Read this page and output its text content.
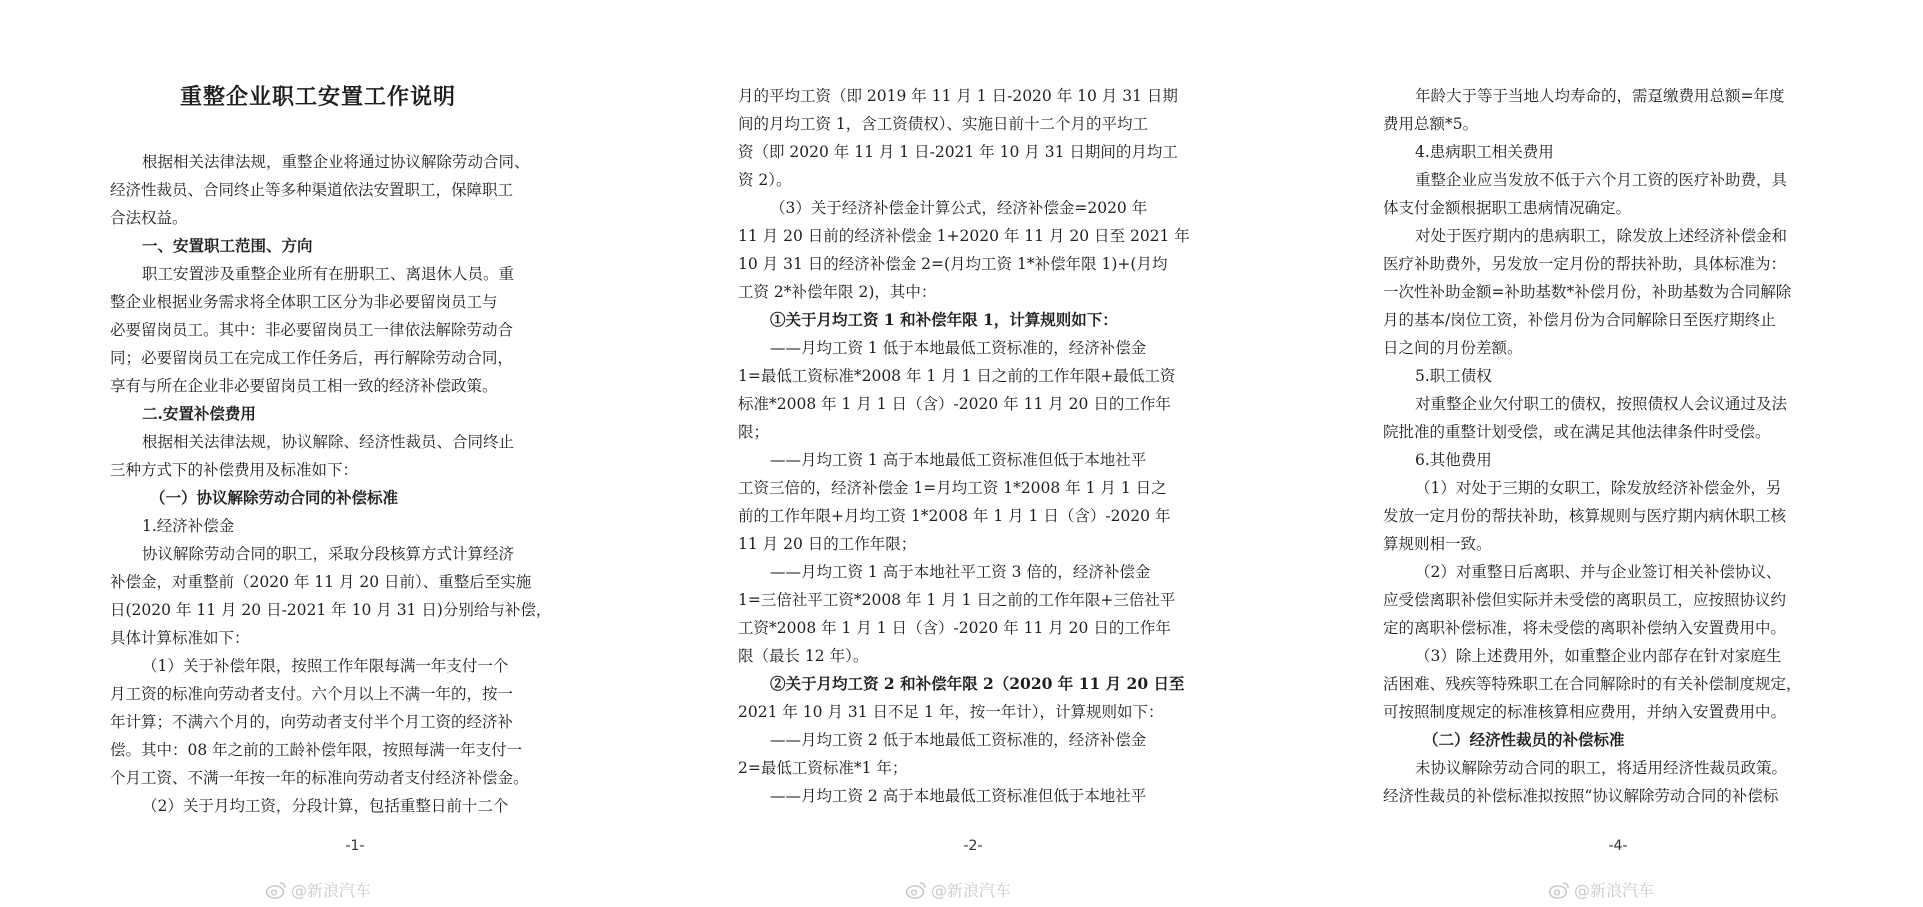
重整企业职工安置工作说明
根据相关法律法规，重整企业将通过协议解除劳动合同、
经济性裁员、合同终止等多种渠道依法安置职工，保障职工
合法权益。
一、安置职工范围、方向
职工安置涉及重整企业所有在册职工、离退休人员。重
整企业根据业务需求将全体职工区分为非必要留岗员工与
必要留岗员工。其中：非必要留岗员工一律依法解除劳动合
同；必要留岗员工在完成工作任务后，再行解除劳动合同，
享有与所在企业非必要留岗员工相一致的经济补偿政策。
二.安置补偿费用
根据相关法律法规，协议解除、经济性裁员、合同终止
三种方式下的补偿费用及标准如下：
（一）协议解除劳动合同的补偿标准
1.经济补偿金
协议解除劳动合同的职工，采取分段核算方式计算经济
补偿金，对重整前（2020 年 11 月 20 日前）、重整后至实施
日(2020 年 11 月 20 日-2021 年 10 月 31 日)分别给与补偿，
具体计算标准如下：
（1）关于补偿年限，按照工作年限每满一年支付一个
月工资的标准向劳动者支付。六个月以上不满一年的，按一
年计算；不满六个月的，向劳动者支付半个月工资的经济补
偿。其中：08 年之前的工龄补偿年限，按照每满一年支付一
个月工资、不满一年按一年的标准向劳动者支付经济补偿金。
（2）关于月均工资，分段计算，包括重整日前十二个
-1-
月的平均工资（即 2019 年 11 月 1 日-2020 年 10 月 31 日期
间的月均工资 1，含工资债权）、实施日前十二个月的平均工
资（即 2020 年 11 月 1 日-2021 年 10 月 31 日期间的月均工
资 2）。
（3）关于经济补偿金计算公式，经济补偿金=2020 年
11 月 20 日前的经济补偿金 1+2020 年 11 月 20 日至 2021 年
10 月 31 日的经济补偿金 2=(月均工资 1*补偿年限 1)+(月均
工资 2*补偿年限 2)，其中：
①关于月均工资 1 和补偿年限 1，计算规则如下：
——月均工资 1 低于本地最低工资标准的，经济补偿金
1=最低工资标准*2008 年 1 月 1 日之前的工作年限+最低工资
标准*2008 年 1 月 1 日（含）-2020 年 11 月 20 日的工作年
限；
——月均工资 1 高于本地最低工资标准但低于本地社平
工资三倍的，经济补偿金 1=月均工资 1*2008 年 1 月 1 日之
前的工作年限+月均工资 1*2008 年 1 月 1 日（含）-2020 年
11 月 20 日的工作年限；
——月均工资 1 高于本地社平工资 3 倍的，经济补偿金
1=三倍社平工资*2008 年 1 月 1 日之前的工作年限+三倍社平
工资*2008 年 1 月 1 日（含）-2020 年 11 月 20 日的工作年
限（最长 12 年）。
②关于月均工资 2 和补偿年限 2（2020 年 11 月 20 日至
2021 年 10 月 31 日不足 1 年，按一年计），计算规则如下：
——月均工资 2 低于本地最低工资标准的，经济补偿金
2=最低工资标准*1 年；
——月均工资 2 高于本地最低工资标准但低于本地社平
-2-
年龄大于等于当地人均寿命的，需趸缴费用总额=年度
费用总额*5。
4.患病职工相关费用
重整企业应当发放不低于六个月工资的医疗补助费，具
体支付金额根据职工患病情况确定。
对处于医疗期内的患病职工，除发放上述经济补偿金和
医疗补助费外，另发放一定月份的帮扶补助，具体标准为：
一次性补助金额=补助基数*补偿月份，补助基数为合同解除
月的基本/岗位工资，补偿月份为合同解除日至医疗期终止
日之间的月份差额。
5.职工债权
对重整企业欠付职工的债权，按照债权人会议通过及法
院批准的重整计划受偿，或在满足其他法律条件时受偿。
6.其他费用
（1）对处于三期的女职工，除发放经济补偿金外，另
发放一定月份的帮扶补助，核算规则与医疗期内病休职工核
算规则相一致。
（2）对重整日后离职、并与企业签订相关补偿协议、
应受偿离职补偿但实际并未受偿的离职员工，应按照协议约
定的离职补偿标准，将未受偿的离职补偿纳入安置费用中。
（3）除上述费用外，如重整企业内部存在针对家庭生
活困难、残疾等特殊职工在合同解除时的有关补偿制度规定，
可按照制度规定的标准核算相应费用，并纳入安置费用中。
（二）经济性裁员的补偿标准
未协议解除劳动合同的职工，将适用经济性裁员政策。
经济性裁员的补偿标准拟按照“协议解除劳动合同的补偿标
-4-
@新浪汽车	@新浪汽车	@新浪汽车
